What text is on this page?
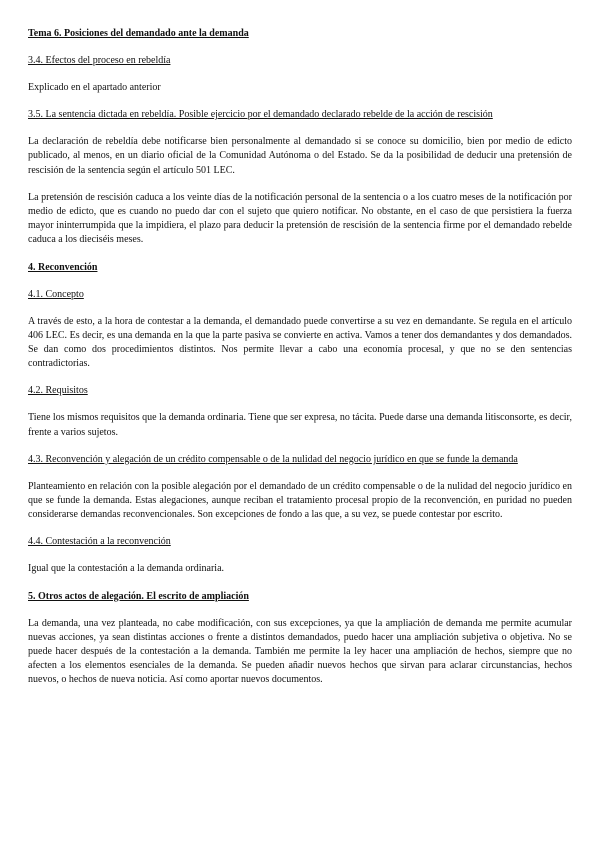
Tema 6. Posiciones del demandado ante la demanda

3.4. Efectos del proceso en rebeldía

Explicado en el apartado anterior

3.5. La sentencia dictada en rebeldía. Posible ejercicio por el demandado declarado rebelde de la acción de rescisión

La declaración de rebeldía debe notificarse bien personalmente al demandado si se conoce su domicilio, bien por medio de edicto publicado, al menos, en un diario oficial de la Comunidad Autónoma o del Estado. Se da la posibilidad de deducir una pretensión de rescisión de la sentencia según el artículo 501 LEC.

La pretensión de rescisión caduca a los veinte días de la notificación personal de la sentencia o a los cuatro meses de la notificación por medio de edicto, que es cuando no puedo dar con el sujeto que quiero notificar. No obstante, en el caso de que persistiera la fuerza mayor ininterrumpida que la impidiera, el plazo para deducir la pretensión de rescisión de la sentencia firme por el demandado rebelde caduca a los dieciséis meses.

4. Reconvención

4.1. Concepto

A través de esto, a la hora de contestar a la demanda, el demandado puede convertirse a su vez en demandante. Se regula en el artículo 406 LEC. Es decir, es una demanda en la que la parte pasiva se convierte en activa. Vamos a tener dos demandantes y dos demandados. Se dan como dos procedimientos distintos. Nos permite llevar a cabo una economía procesal, y que no se den sentencias contradictorias.

4.2. Requisitos

Tiene los mismos requisitos que la demanda ordinaria. Tiene que ser expresa, no tácita. Puede darse una demanda litisconsorte, es decir, frente a varios sujetos.

4.3. Reconvención y alegación de un crédito compensable o de la nulidad del negocio jurídico en que se funde la demanda

Planteamiento en relación con la posible alegación por el demandado de un crédito compensable o de la nulidad del negocio jurídico en que se funde la demanda. Estas alegaciones, aunque reciban el tratamiento procesal propio de la reconvención, en puridad no pueden considerarse demandas reconvencionales. Son excepciones de fondo a las que, a su vez, se puede contestar por escrito.

4.4. Contestación a la reconvención

Igual que la contestación a la demanda ordinaria.

5. Otros actos de alegación. El escrito de ampliación

La demanda, una vez planteada, no cabe modificación, con sus excepciones, ya que la ampliación de demanda me permite acumular nuevas acciones, ya sean distintas acciones o frente a distintos demandados, puedo hacer una ampliación subjetiva o objetiva. No se puede hacer después de la contestación a la demanda. También me permite la ley hacer una ampliación de hechos, siempre que no afecten a los elementos esenciales de la demanda. Se pueden añadir nuevos hechos que sirvan para aclarar circunstancias, hechos nuevos, o hechos de nueva noticia. Así como aportar nuevos documentos.
